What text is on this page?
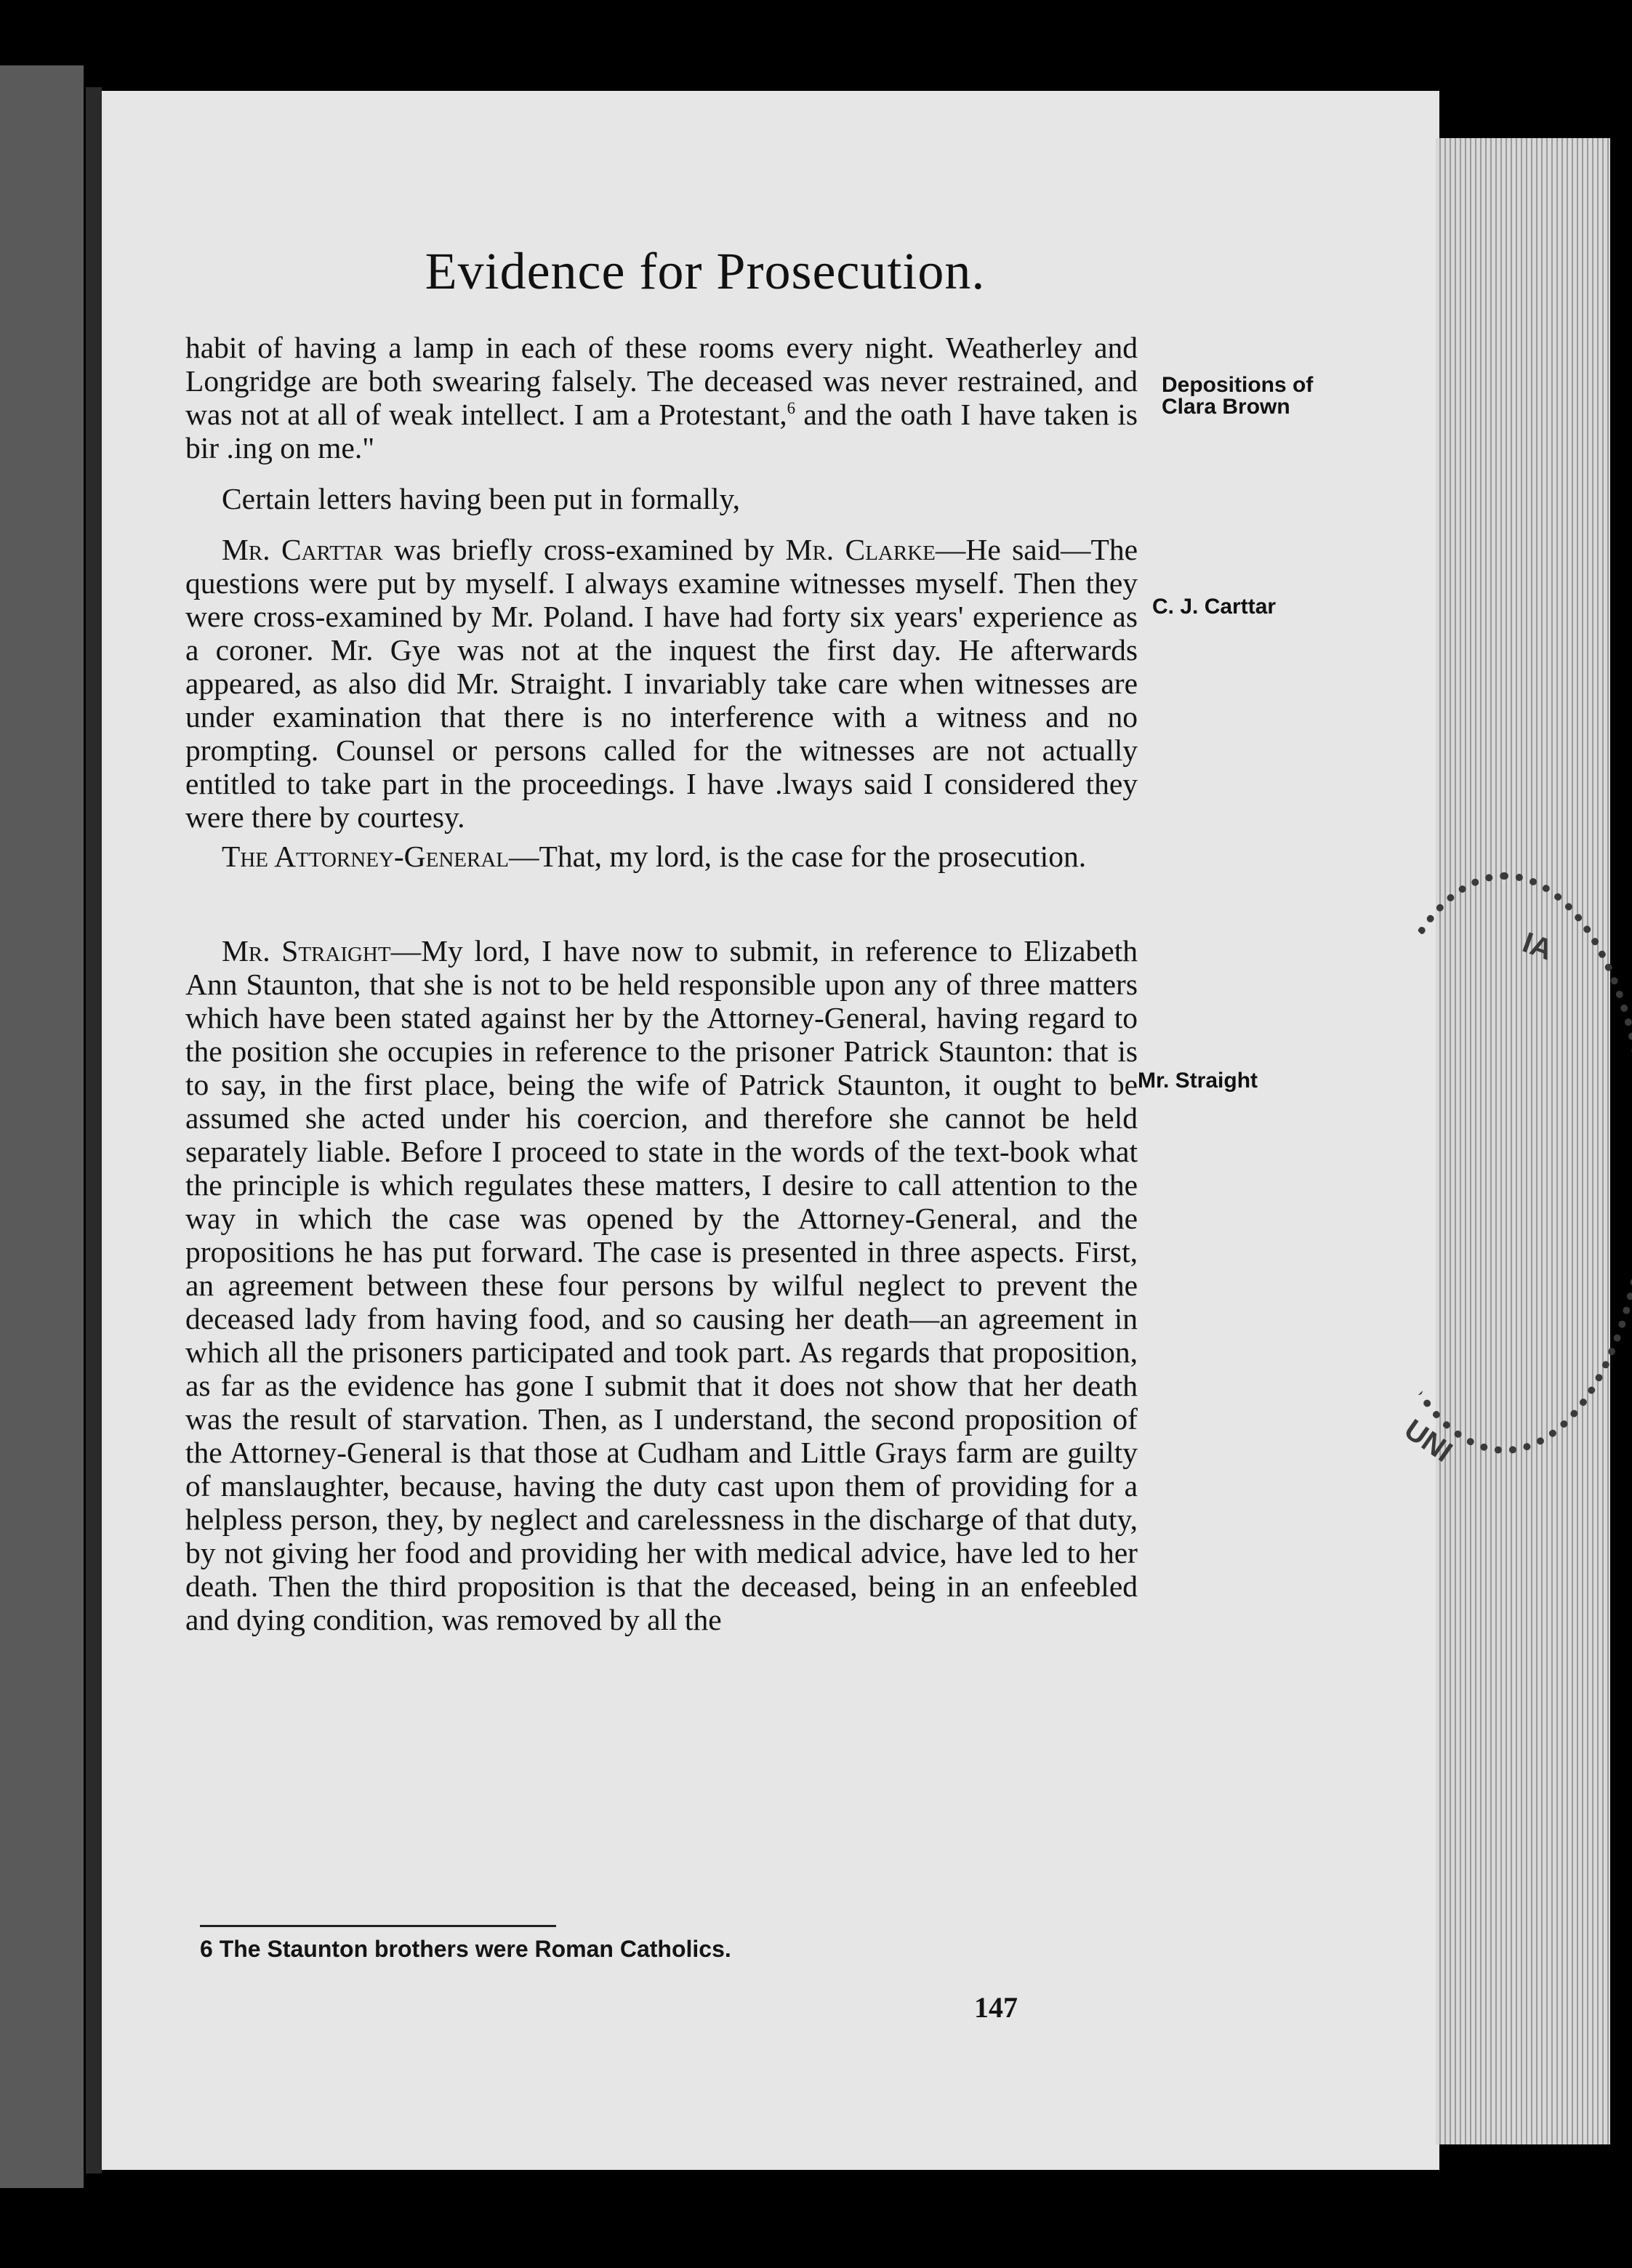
IA
UNI
Evidence for Prosecution.

habit of having a lamp in each of these rooms every night. Weatherley and Longridge are both swearing falsely. The deceased was never restrained, and was not at all of weak intellect. I am a Protestant,$^6$ and the oath I have taken is bir .ing on me."

Certain letters having been put in formally,

Mr. Carttar was briefly cross-examined by Mr. Clarke—He said—The questions were put by myself. I always examine witnesses myself. Then they were cross-examined by Mr. Poland. I have had forty six years' experience as a coroner. Mr. Gye was not at the inquest the first day. He afterwards appeared, as also did Mr. Straight. I invariably take care when witnesses are under examination that there is no interference with a witness and no prompting. Counsel or persons called for the witnesses are not actually entitled to take part in the proceedings. I have .lways said I considered they were there by courtesy.

The Attorney-General—That, my lord, is the case for the prosecution.

Mr. Straight—My lord, I have now to submit, in reference to Elizabeth Ann Staunton, that she is not to be held responsible upon any of three matters which have been stated against her by the Attorney-General, having regard to the position she occupies in reference to the prisoner Patrick Staunton: that is to say, in the first place, being the wife of Patrick Staunton, it ought to be assumed she acted under his coercion, and therefore she cannot be held separately liable. Before I proceed to state in the words of the text-book what the principle is which regulates these matters, I desire to call attention to the way in which the case was opened by the Attorney-General, and the propositions he has put forward. The case is presented in three aspects. First, an agreement between these four persons by wilful neglect to prevent the deceased lady from having food, and so causing her death—an agreement in which all the prisoners participated and took part. As regards that proposition, as far as the evidence has gone I submit that it does not show that her death was the result of starvation. Then, as I understand, the second proposition of the Attorney-General is that those at Cudham and Little Grays farm are guilty of manslaughter, because, having the duty cast upon them of providing for a helpless person, they, by neglect and carelessness in the discharge of that duty, by not giving her food and providing her with medical advice, have led to her death. Then the third proposition is that the deceased, being in an enfeebled and dying condition, was removed by all the

Depositions of
Clara Brown
C. J. Carttar
Mr. Straight
6 The Staunton brothers were Roman Catholics.
147
